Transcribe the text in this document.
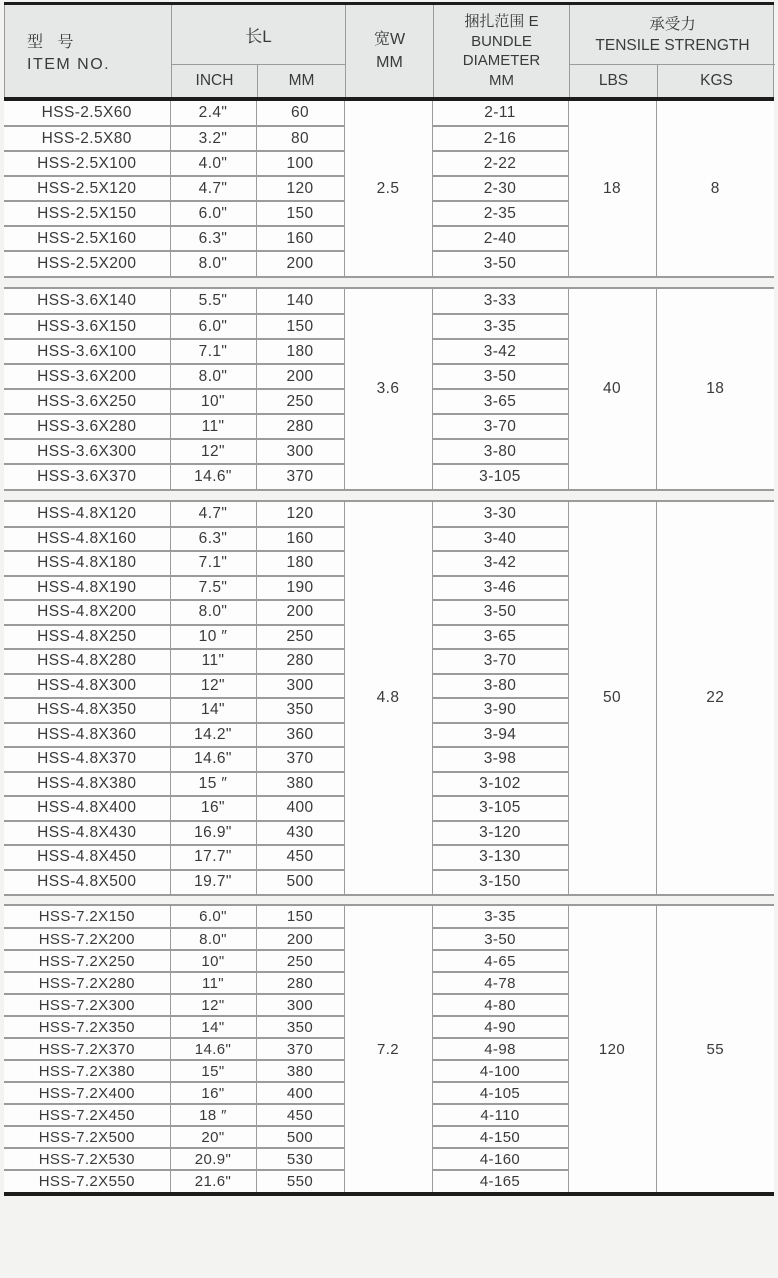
型 号
ITEM NO.
长L
INCH	MM
宽W
MM
捆扎范围 E
BUNDLE
DIAMETER
MM
承受力
TENSILE STRENGTH
LBS	KGS
HSS-2.5X60	2.4"	60	2.5	2-11	18	8
HSS-2.5X80	3.2"	80		2-16		
HSS-2.5X100	4.0"	100		2-22		
HSS-2.5X120	4.7"	120		2-30		
HSS-2.5X150	6.0"	150		2-35		
HSS-2.5X160	6.3"	160		2-40		
HSS-2.5X200	8.0"	200		3-50		
HSS-3.6X140	5.5"	140	3.6	3-33	40	18
HSS-3.6X150	6.0"	150		3-35		
HSS-3.6X100	7.1"	180		3-42		
HSS-3.6X200	8.0"	200		3-50		
HSS-3.6X250	10"	250		3-65		
HSS-3.6X280	11"	280		3-70		
HSS-3.6X300	12"	300		3-80		
HSS-3.6X370	14.6"	370		3-105		
HSS-4.8X120	4.7"	120	4.8	3-30	50	22
HSS-4.8X160	6.3"	160		3-40		
HSS-4.8X180	7.1"	180		3-42		
HSS-4.8X190	7.5"	190		3-46		
HSS-4.8X200	8.0"	200		3-50		
HSS-4.8X250	10 ″	250		3-65		
HSS-4.8X280	11"	280		3-70		
HSS-4.8X300	12"	300		3-80		
HSS-4.8X350	14"	350		3-90		
HSS-4.8X360	14.2"	360		3-94		
HSS-4.8X370	14.6"	370		3-98		
HSS-4.8X380	15 ″	380		3-102		
HSS-4.8X400	16"	400		3-105		
HSS-4.8X430	16.9"	430		3-120		
HSS-4.8X450	17.7"	450		3-130		
HSS-4.8X500	19.7"	500		3-150		
HSS-7.2X150	6.0"	150	7.2	3-35	120	55
HSS-7.2X200	8.0"	200		3-50		
HSS-7.2X250	10"	250		4-65		
HSS-7.2X280	11"	280		4-78		
HSS-7.2X300	12"	300		4-80		
HSS-7.2X350	14"	350		4-90		
HSS-7.2X370	14.6"	370		4-98		
HSS-7.2X380	15"	380		4-100		
HSS-7.2X400	16"	400		4-105		
HSS-7.2X450	18 ″	450		4-110		
HSS-7.2X500	20"	500		4-150		
HSS-7.2X530	20.9"	530		4-160		
HSS-7.2X550	21.6"	550		4-165		
